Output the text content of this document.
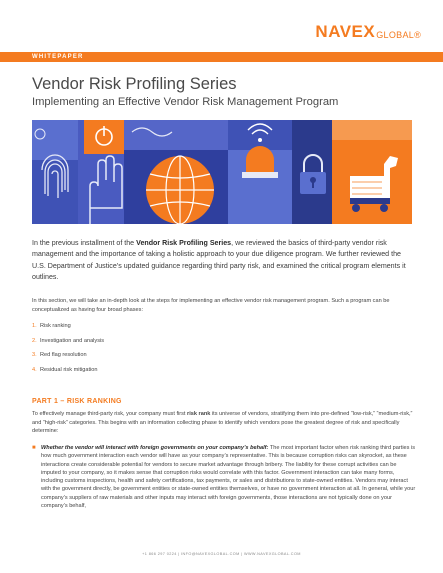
NAVEX GLOBAL®
WHITEPAPER
Vendor Risk Profiling Series
Implementing an Effective Vendor Risk Management Program

In the previous installment of the Vendor Risk Profiling Series, we reviewed the basics of third-party vendor risk management and the importance of taking a holistic approach to your due diligence program. We further reviewed the U.S. Department of Justice’s updated guidance regarding third party risk, and examined the critical program elements it outlines.

In this section, we will take an in-depth look at the steps for implementing an effective vendor risk management program. Such a program can be conceptualized as having four broad phases:

1. Risk ranking
2. Investigation and analysis
3. Red flag resolution
4. Residual risk mitigation
PART 1 – RISK RANKING

To effectively manage third-party risk, your company must first risk rank its universe of vendors, stratifying them into pre-defined “low-risk,” “medium-risk,” and “high-risk” categories. This begins with an information collecting phase to identify which vendors pose the greatest degree of risk and specifically determine:

■ Whether the vendor will interact with foreign governments on your company’s behalf: The most important factor when risk ranking third parties is how much government interaction each vendor will have as your company’s representative. This is because corruption risks can skyrocket, as these interactions create considerable potential for vendors to secure market advantage through bribery. The liability for these corrupt activities can be imputed to your company, so it makes sense that corruption risks would correlate with this factor. Government interaction can take many forms, including customs inspections, health and safety certifications, tax payments, or sales and distributions to state-owned entities. Vendors may interact with the government directly, be government entities or state-owned entities themselves, or have no government interaction at all. In general, while your company’s suppliers of raw materials and other inputs may interact with foreign governments, those interactions are not typically done on your company’s behalf,

+1 866 297 0224 | INFO@NAVEXGLOBAL.COM | WWW.NAVEXGLOBAL.COM
